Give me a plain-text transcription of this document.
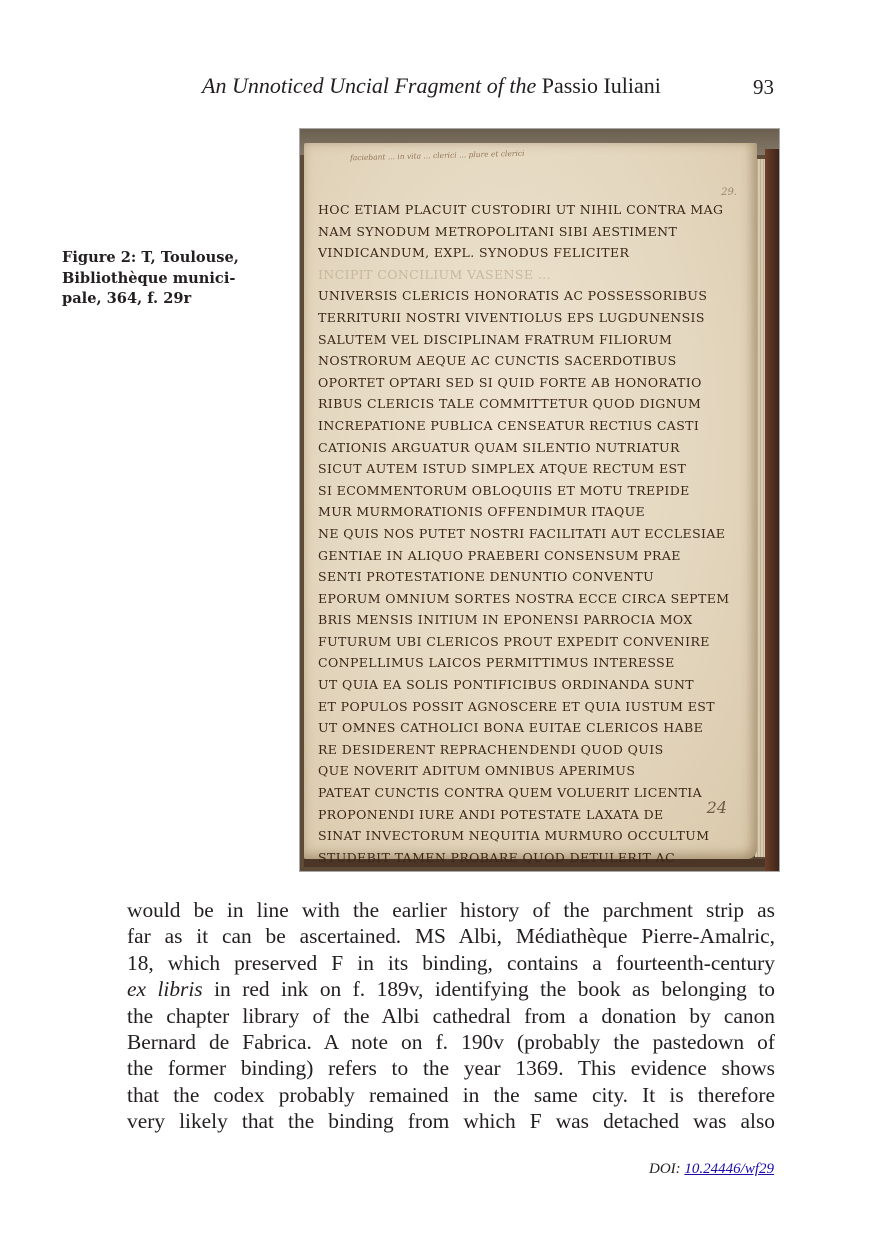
An Unnoticed Uncial Fragment of the Passio Iuliani	93
Figure 2: T, Toulouse,
Bibliothèque munici-
pale, 364, f. 29r
faciebant ... in vita ... clerici ... plure et clerici
29.
HOC ETIAM PLACUIT CUSTODIRI UT NIHIL CONTRA MAG
NAM SYNODUM METROPOLITANI SIBI AESTIMENT
VINDICANDUM, EXPL. SYNODUS FELICITER
INCIPIT CONCILIUM VASENSE ...
UNIVERSIS CLERICIS HONORATIS AC POSSESSORIBUS
TERRITURII NOSTRI VIVENTIOLUS EPS LUGDUNENSIS
SALUTEM VEL DISCIPLINAM FRATRUM FILIORUM
NOSTRORUM AEQUE AC CUNCTIS SACERDOTIBUS
OPORTET OPTARI SED SI QUID FORTE AB HONORATIO
RIBUS CLERICIS TALE COMMITTETUR QUOD DIGNUM
INCREPATIONE PUBLICA CENSEATUR RECTIUS CASTI
CATIONIS ARGUATUR QUAM SILENTIO NUTRIATUR
SICUT AUTEM ISTUD SIMPLEX ATQUE RECTUM EST
SI ECOMMENTORUM OBLOQUIIS ET MOTU TREPIDE
MUR MURMORATIONIS OFFENDIMUR ITAQUE
NE QUIS NOS PUTET NOSTRI FACILITATI AUT ECCLESIAE
GENTIAE IN ALIQUO PRAEBERI CONSENSUM PRAE
SENTI PROTESTATIONE DENUNTIO CONVENTU
EPORUM OMNIUM SORTES NOSTRA ECCE CIRCA SEPTEM
BRIS MENSIS INITIUM IN EPONENSI PARROCIA MOX
FUTURUM UBI CLERICOS PROUT EXPEDIT CONVENIRE
CONPELLIMUS LAICOS PERMITTIMUS INTERESSE
UT QUIA EA SOLIS PONTIFICIBUS ORDINANDA SUNT
ET POPULOS POSSIT AGNOSCERE ET QUIA IUSTUM EST
UT OMNES CATHOLICI BONA EUITAE CLERICOS HABE
RE DESIDERENT REPRACHENDENDI QUOD QUIS
QUE NOVERIT ADITUM OMNIBUS APERIMUS
PATEAT CUNCTIS CONTRA QUEM VOLUERIT LICENTIA
PROPONENDI IURE ANDI POTESTATE LAXATA DE
SINAT INVECTORUM NEQUITIA MURMURO OCCULTUM
STUDEBIT TAMEN PROBARE QUOD DETULERIT AC
24
would be in line with the earlier history of the parchment strip as
far as it can be ascertained. MS Albi, Médiathèque Pierre-Amalric,
18, which preserved F in its binding, contains a fourteenth-century
ex libris in red ink on f. 189v, identifying the book as belonging to
the chapter library of the Albi cathedral from a donation by canon
Bernard de Fabrica. A note on f. 190v (probably the pastedown of
the former binding) refers to the year 1369. This evidence shows
that the codex probably remained in the same city. It is therefore
very likely that the binding from which F was detached was also
DOI: 10.24446/wf29
